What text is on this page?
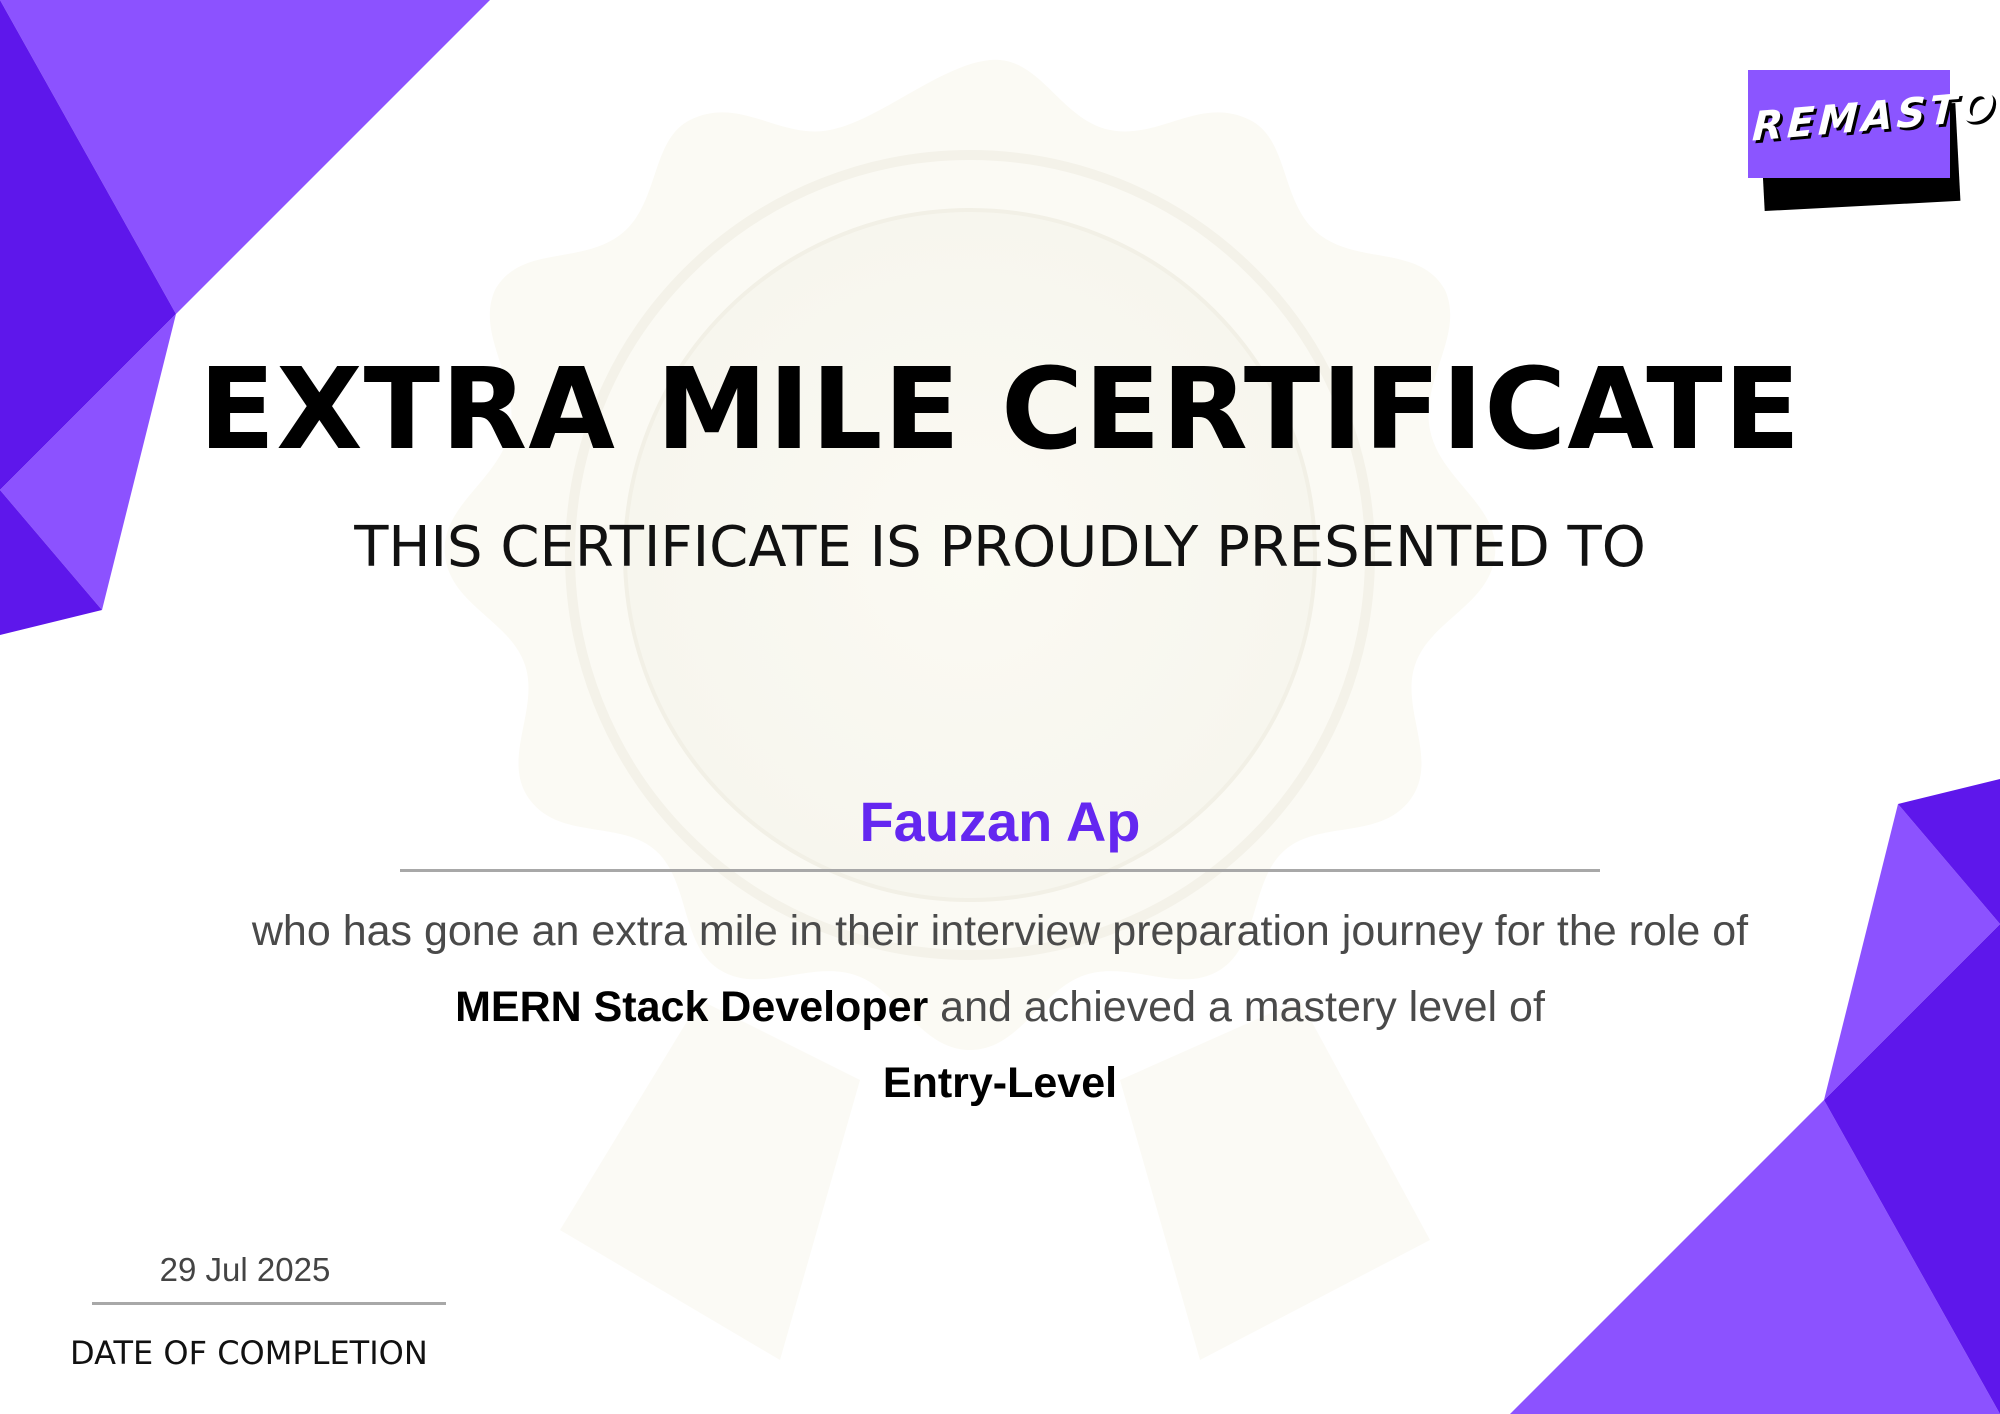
REMASTO
EXTRA MILE CERTIFICATE
THIS CERTIFICATE IS PROUDLY PRESENTED TO
Fauzan Ap
who has gone an extra mile in their interview preparation journey for the role of MERN Stack Developer and achieved a mastery level of
Entry-Level
29 Jul 2025
DATE OF COMPLETION
